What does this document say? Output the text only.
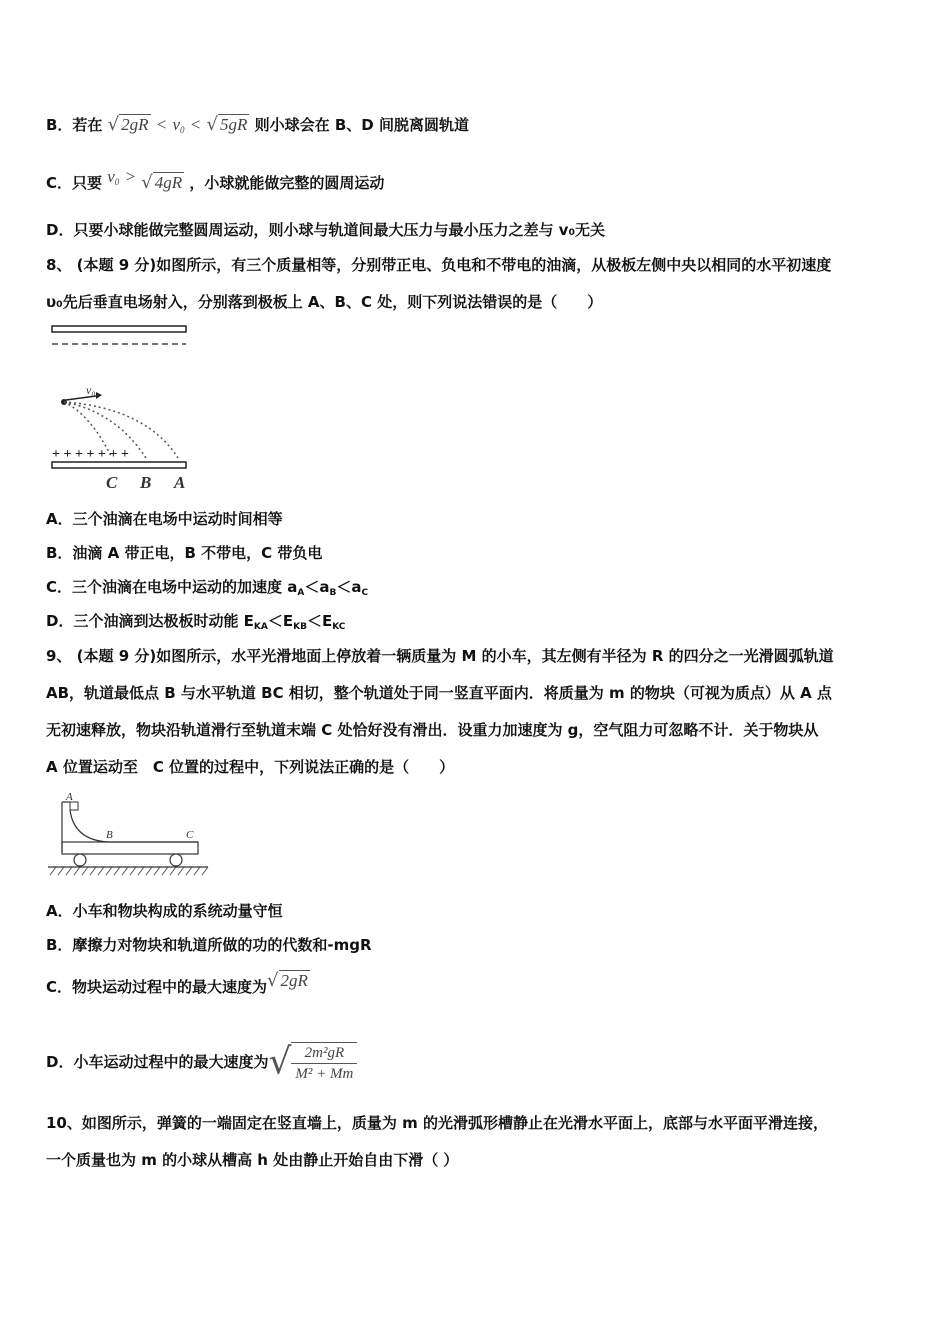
B．若在 √ $2gR < v_0$ < √ 5gR 则小球会在 B、D 间脱离圆轨道
C．只要 $v_0$ > √ 4gR ，小球就能做完整的圆周运动
D．只要小球能做完整圆周运动，则小球与轨道间最大压力与最小压力之差与 v₀无关
8、 (本题 9 分)如图所示，有三个质量相等，分别带正电、负电和不带电的油滴，从极板左侧中央以相同的水平初速度
υ₀先后垂直电场射入，分别落到极板上 A、B、C 处，则下列说法错误的是（　　）
v₀
+ + + + + + +
C B A
A．三个油滴在电场中运动时间相等
B．油滴 A 带正电，B 不带电，C 带负电
C．三个油滴在电场中运动的加速度 $a_A<a_B<a_C$
D．三个油滴到达极板时动能 $E_{KA}<E_{KB}<E_{KC}$
9、 (本题 9 分)如图所示，水平光滑地面上停放着一辆质量为 M 的小车，其左侧有半径为 R 的四分之一光滑圆弧轨道
AB，轨道最低点 B 与水平轨道 BC 相切，整个轨道处于同一竖直平面内．将质量为 m 的物块（可视为质点）从 A 点
无初速释放，物块沿轨道滑行至轨道末端 C 处恰好没有滑出．设重力加速度为 g，空气阻力可忽略不计．关于物块从
A 位置运动至　C 位置的过程中，下列说法正确的是（　　）
A
B	C
A．小车和物块构成的系统动量守恒
B．摩擦力对物块和轨道所做的功的代数和-mgR
C．物块运动过程中的最大速度为√ 2gR
D．小车运动过程中的最大速度为√ $\frac{\text{2m²gR}}{\text{M² + Mm}}$
10、如图所示，弹簧的一端固定在竖直墙上，质量为 m 的光滑弧形槽静止在光滑水平面上，底部与水平面平滑连接，
一个质量也为 m 的小球从槽高 h 处由静止开始自由下滑（ ）
